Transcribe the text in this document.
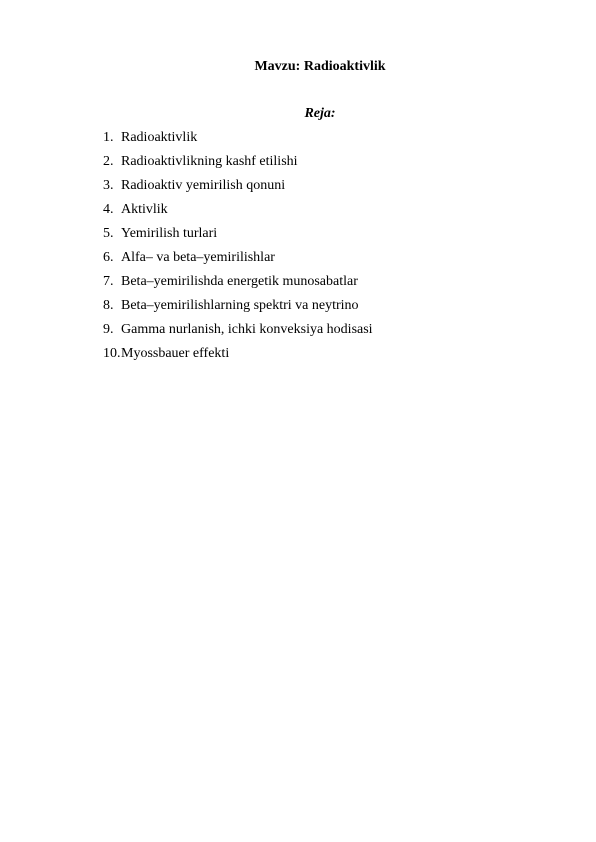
Mavzu: Radioaktivlik
Reja:
1. Radioaktivlik
2. Radioaktivlikning kashf etilishi
3. Radioaktiv yemirilish qonuni
4. Aktivlik
5. Yemirilish turlari
6. Alfa– va beta–yemirilishlar
7. Beta–yemirilishda energetik munosabatlar
8. Beta–yemirilishlarning spektri va neytrino
9. Gamma nurlanish, ichki konveksiya hodisasi
10.Myossbauer effekti
